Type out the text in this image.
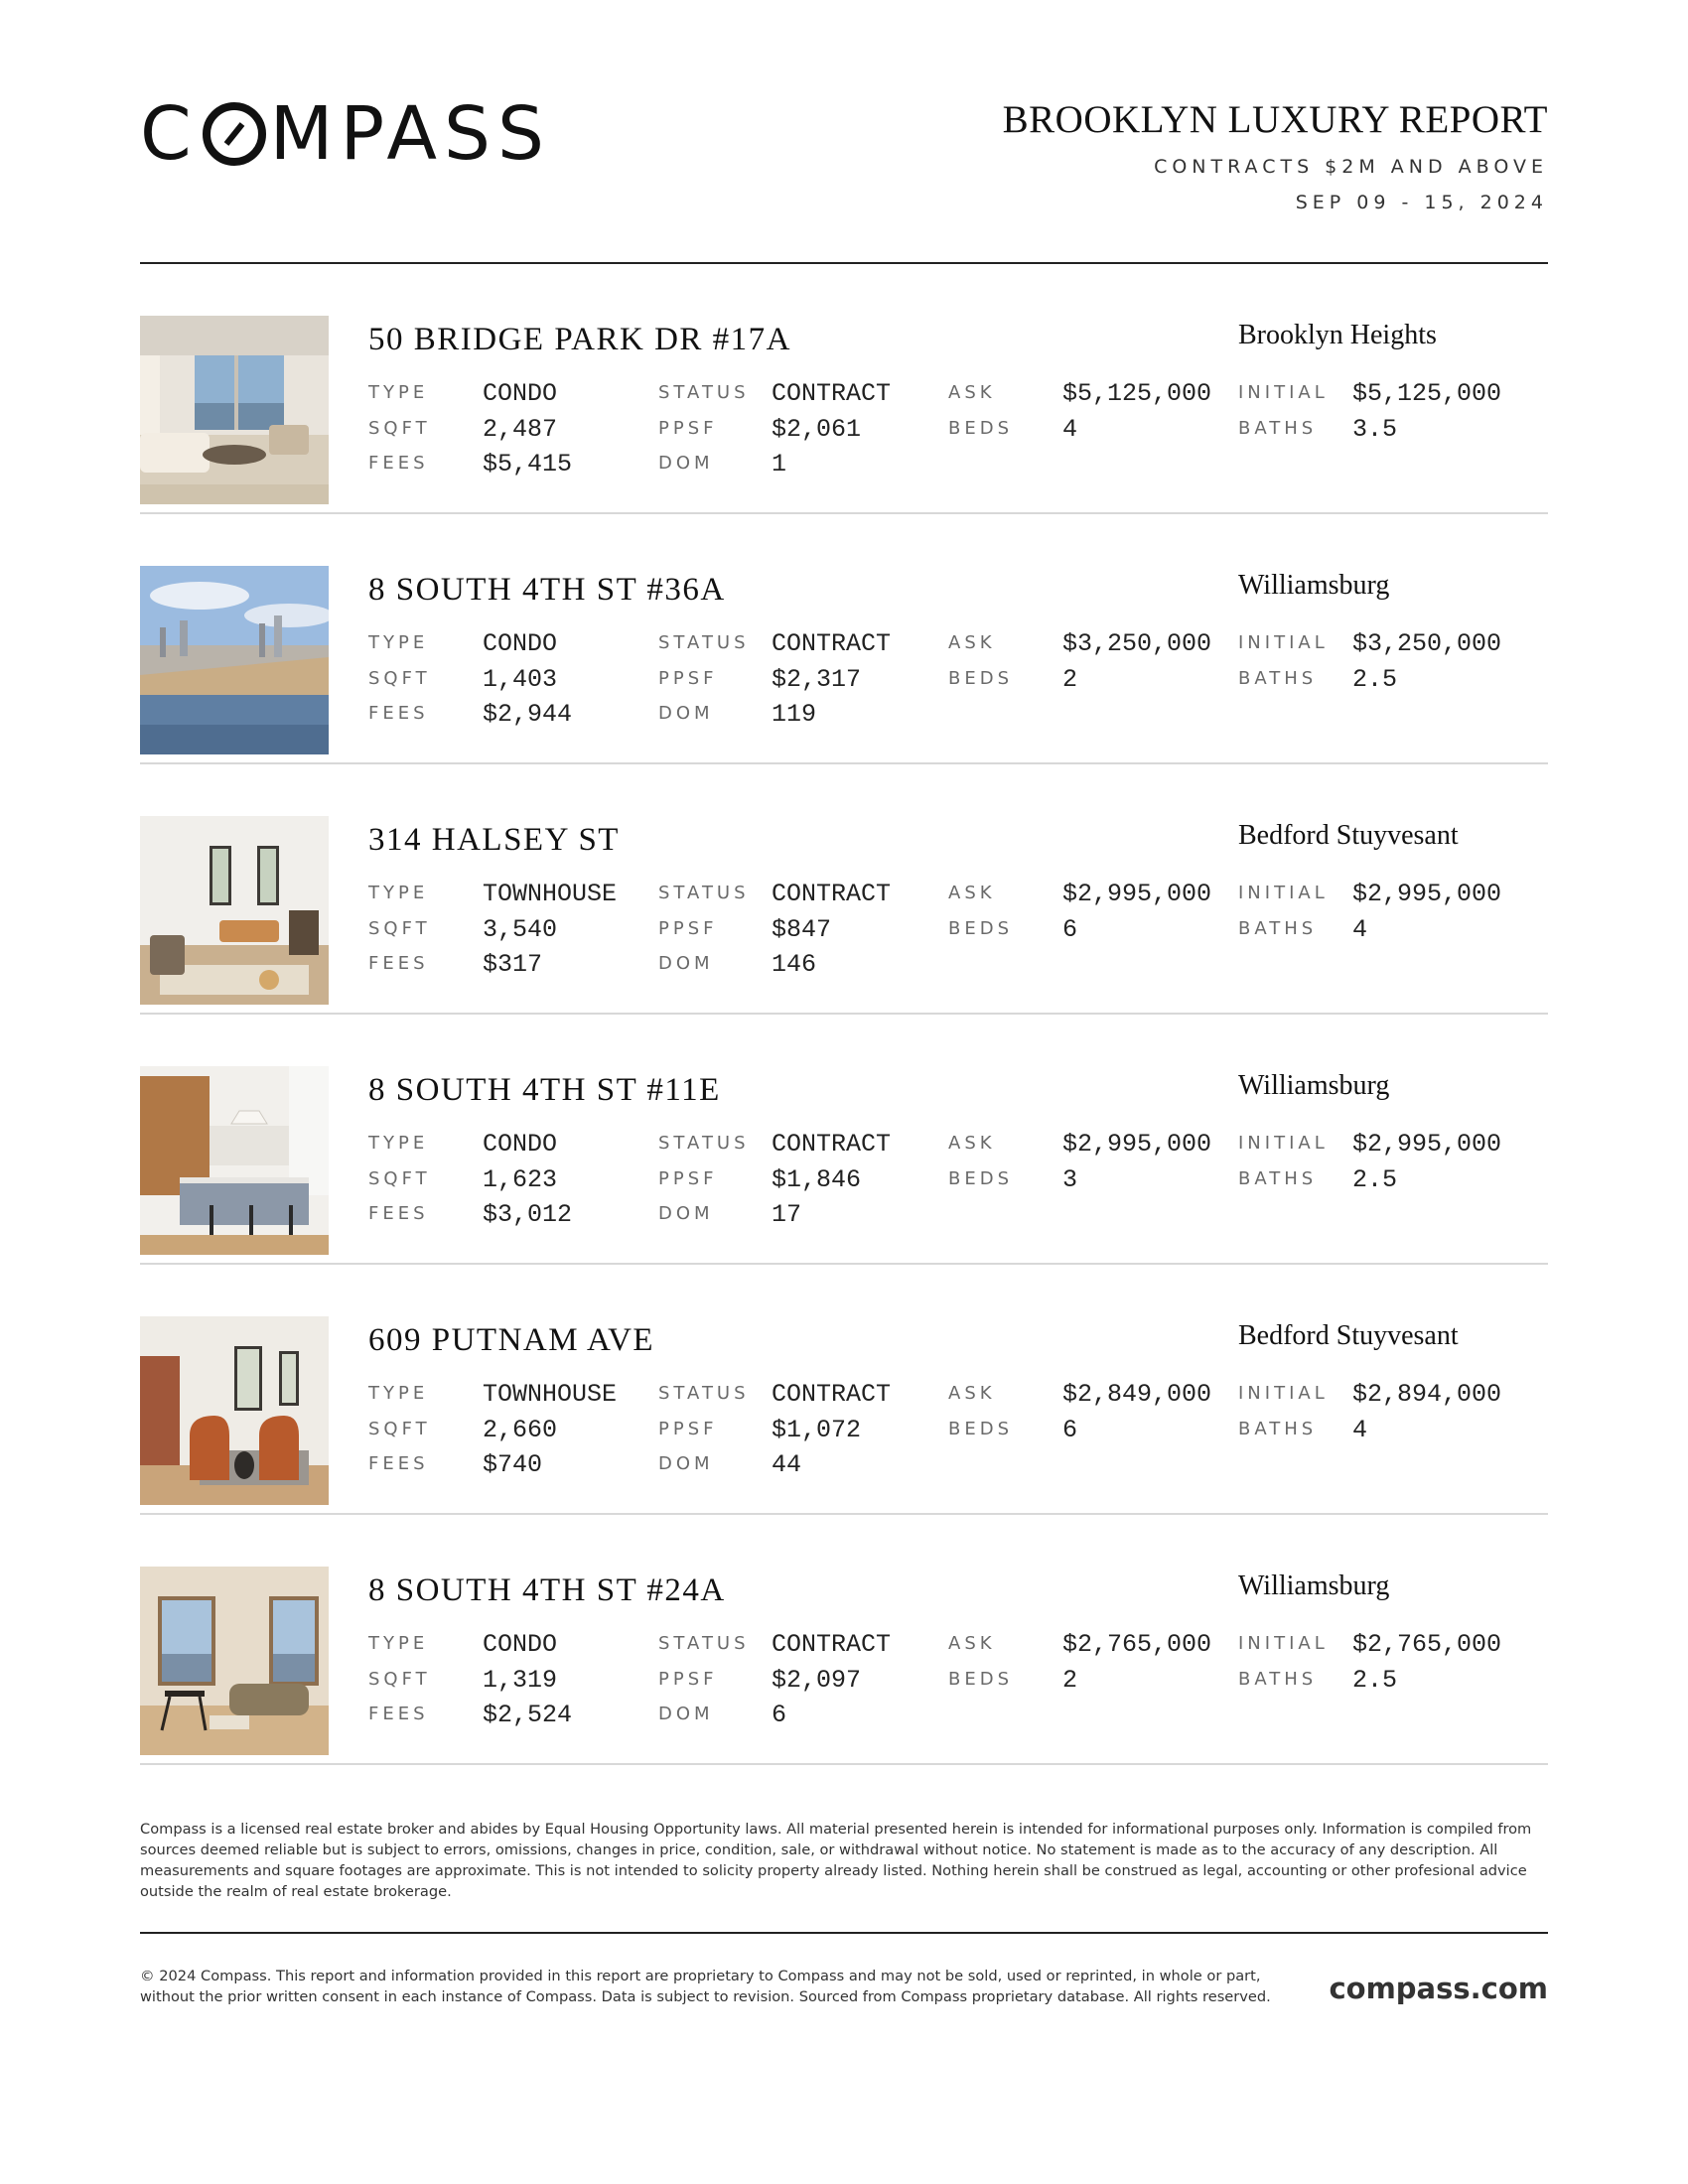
C MPASS	BROOKLYN LUXURY REPORT
CONTRACTS $2M AND ABOVE
SEP 09 - 15, 2024
50 BRIDGE PARK DR #17A	Brooklyn Heights
TYPE CONDO
SQFT 2,487
FEES $5,415
STATUS CONTRACT
PPSF $2,061
DOM 1
ASK	$5,125,000
BEDS 4
INITIAL $5,125,000
BATHS 3.5
8 SOUTH 4TH ST #36A	Williamsburg
TYPE CONDO
SQFT 1,403
FEES $2,944
STATUS CONTRACT
PPSF $2,317
DOM 119
ASK	$3,250,000
BEDS 2
INITIAL $3,250,000
BATHS 2.5
314 HALSEY ST	Bedford Stuyvesant
TYPE TOWNHOUSE
SQFT 3,540
FEES $317
STATUS CONTRACT
PPSF $847
DOM 146
ASK	$2,995,000
BEDS 6
INITIAL $2,995,000
BATHS 4
8 SOUTH 4TH ST #11E	Williamsburg
TYPE CONDO
SQFT 1,623
FEES $3,012
STATUS CONTRACT
PPSF $1,846
DOM 17
ASK	$2,995,000
BEDS 3
INITIAL $2,995,000
BATHS 2.5
609 PUTNAM AVE	Bedford Stuyvesant
TYPE TOWNHOUSE
SQFT 2,660
FEES $740
STATUS CONTRACT
PPSF $1,072
DOM 44
ASK	$2,849,000
BEDS 6
INITIAL $2,894,000
BATHS 4
8 SOUTH 4TH ST #24A	Williamsburg
TYPE CONDO
SQFT 1,319
FEES $2,524
STATUS CONTRACT
PPSF $2,097
DOM 6
ASK	$2,765,000
BEDS 2
INITIAL $2,765,000
BATHS 2.5
Compass is a licensed real estate broker and abides by Equal Housing Opportunity laws. All material presented herein is intended for informational purposes only. Information is compiled from sources deemed reliable but is subject to errors, omissions, changes in price, condition, sale, or withdrawal without notice. No statement is made as to the accuracy of any description. All measurements and square footages are approximate. This is not intended to solicity property already listed. Nothing herein shall be construed as legal, accounting or other profesional advice outside the realm of real estate brokerage.
© 2024 Compass. This report and information provided in this report are proprietary to Compass and may not be sold, used or reprinted, in whole or part, without the prior written consent in each instance of Compass. Data is subject to revision. Sourced from Compass proprietary database. All rights reserved.	compass.com
